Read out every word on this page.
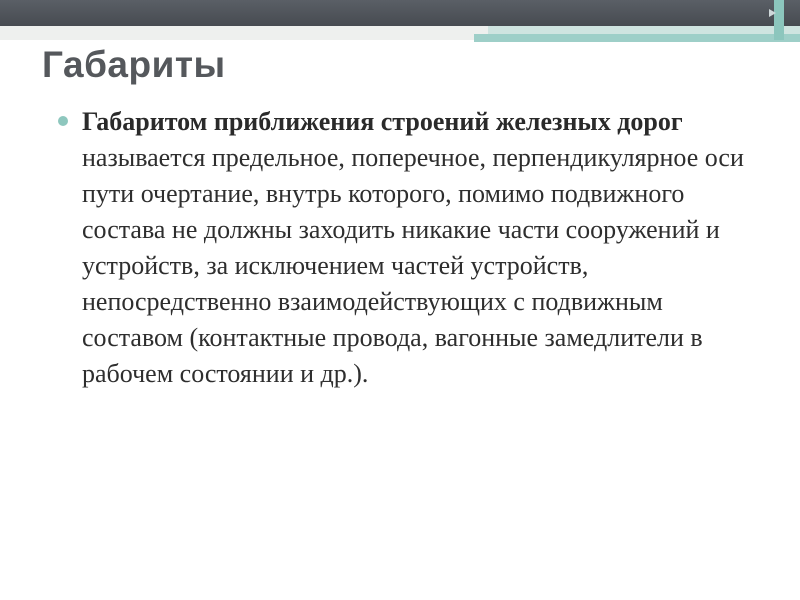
Габариты
Габаритом приближения строений железных дорог называется предельное, поперечное, перпендикулярное оси пути очертание, внутрь которого, помимо подвижного состава не должны заходить никакие части сооружений и устройств, за исключением частей устройств, непосредственно взаимодействующих с подвижным составом (контактные провода, вагонные замедлители в рабочем состоянии и др.).
